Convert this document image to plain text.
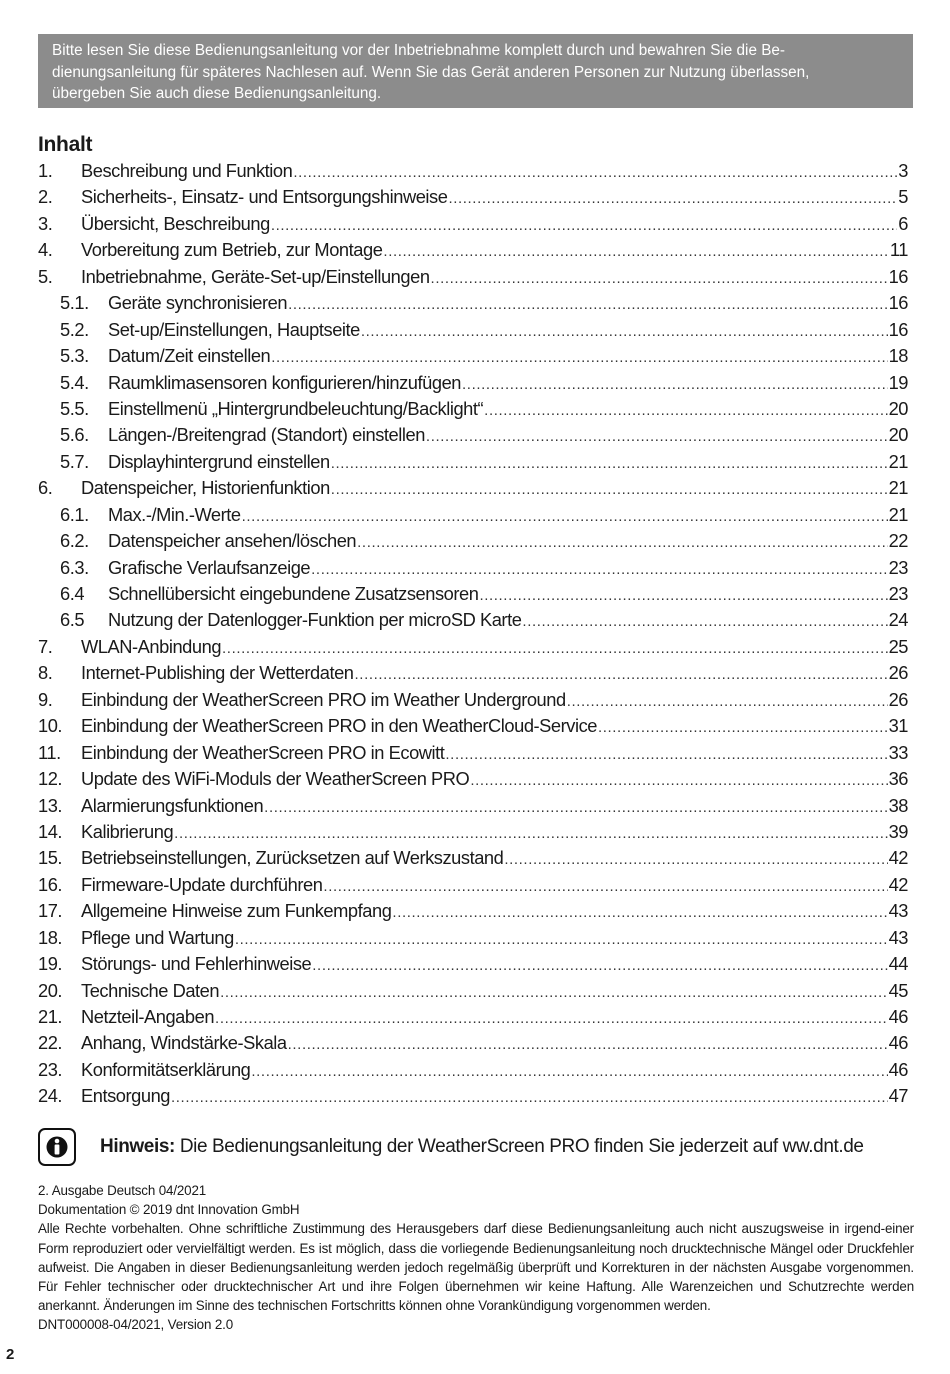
Bitte lesen Sie diese Bedienungsanleitung vor der Inbetriebnahme komplett durch und bewahren Sie die Be-

dienungsanleitung für späteres Nachlesen auf. Wenn Sie das Gerät anderen Personen zur Nutzung überlassen,

übergeben Sie auch diese Bedienungsanleitung.

Inhalt
1.	Beschreibung und Funktion .....	3
2.	Sicherheits-, Einsatz- und Entsorgungshinweise .....	5
3.	Übersicht, Beschreibung .....	6
4.	Vorbereitung zum Betrieb, zur Montage .....	11
5.	Inbetriebnahme, Geräte-Set-up/Einstellungen .....	16
5.1.	Geräte synchronisieren .....	16
5.2.	Set-up/Einstellungen, Hauptseite .....	16
5.3.	Datum/Zeit einstellen .....	18
5.4.	Raumklimasensoren konfigurieren/hinzufügen .....	19
5.5.	Einstellmenü „Hintergrundbeleuchtung/Backlight“ .....	20
5.6.	Längen-/Breitengrad (Standort) einstellen .....	20
5.7.	Displayhintergrund einstellen .....	21
6.	Datenspeicher, Historienfunktion .....	21
6.1.	Max.-/Min.-Werte .....	21
6.2.	Datenspeicher ansehen/löschen .....	22
6.3.	Grafische Verlaufsanzeige .....	23
6.4	Schnellübersicht eingebundene Zusatzsensoren .....	23
6.5	Nutzung der Datenlogger-Funktion per microSD Karte .....	24
7.	WLAN-Anbindung .....	25
8.	Internet-Publishing der Wetterdaten .....	26
9.	Einbindung der WeatherScreen PRO im Weather Underground .....	26
10.	Einbindung der WeatherScreen PRO in den WeatherCloud-Service .....	31
11.	Einbindung der WeatherScreen PRO in Ecowitt .....	33
12.	Update des WiFi-Moduls der WeatherScreen PRO .....	36
13.	Alarmierungsfunktionen .....	38
14.	Kalibrierung .....	39
15.	Betriebseinstellungen, Zurücksetzen auf Werkszustand .....	42
16.	Firmeware-Update durchführen .....	42
17.	Allgemeine Hinweise zum Funkempfang .....	43
18.	Pflege und Wartung .....	43
19.	Störungs- und Fehlerhinweise .....	44
20.	Technische Daten .....	45
21.	Netzteil-Angaben .....	46
22.	Anhang, Windstärke-Skala .....	46
23.	Konformitätserklärung .....	46
24.	Entsorgung .....	47
Hinweis: Die Bedienungsanleitung der WeatherScreen PRO finden Sie jederzeit auf ww.dnt.de

2. Ausgabe Deutsch 04/2021

Dokumentation © 2019 dnt Innovation GmbH

Alle Rechte vorbehalten. Ohne schriftliche Zustimmung des Herausgebers darf diese Bedienungsanleitung auch nicht auszugsweise in irgend-einer Form reproduziert oder vervielfältigt werden. Es ist möglich, dass die vorliegende Bedienungsanleitung noch drucktechnische Mängel oder Druckfehler aufweist. Die Angaben in dieser Bedienungsanleitung werden jedoch regelmäßig überprüft und Korrekturen in der nächsten Ausgabe vorgenommen. Für Fehler technischer oder drucktechnischer Art und ihre Folgen übernehmen wir keine Haftung. Alle Warenzeichen und Schutzrechte werden anerkannt. Änderungen im Sinne des technischen Fortschritts können ohne Vorankündigung vorgenommen werden.

DNT000008-04/2021, Version 2.0

2
